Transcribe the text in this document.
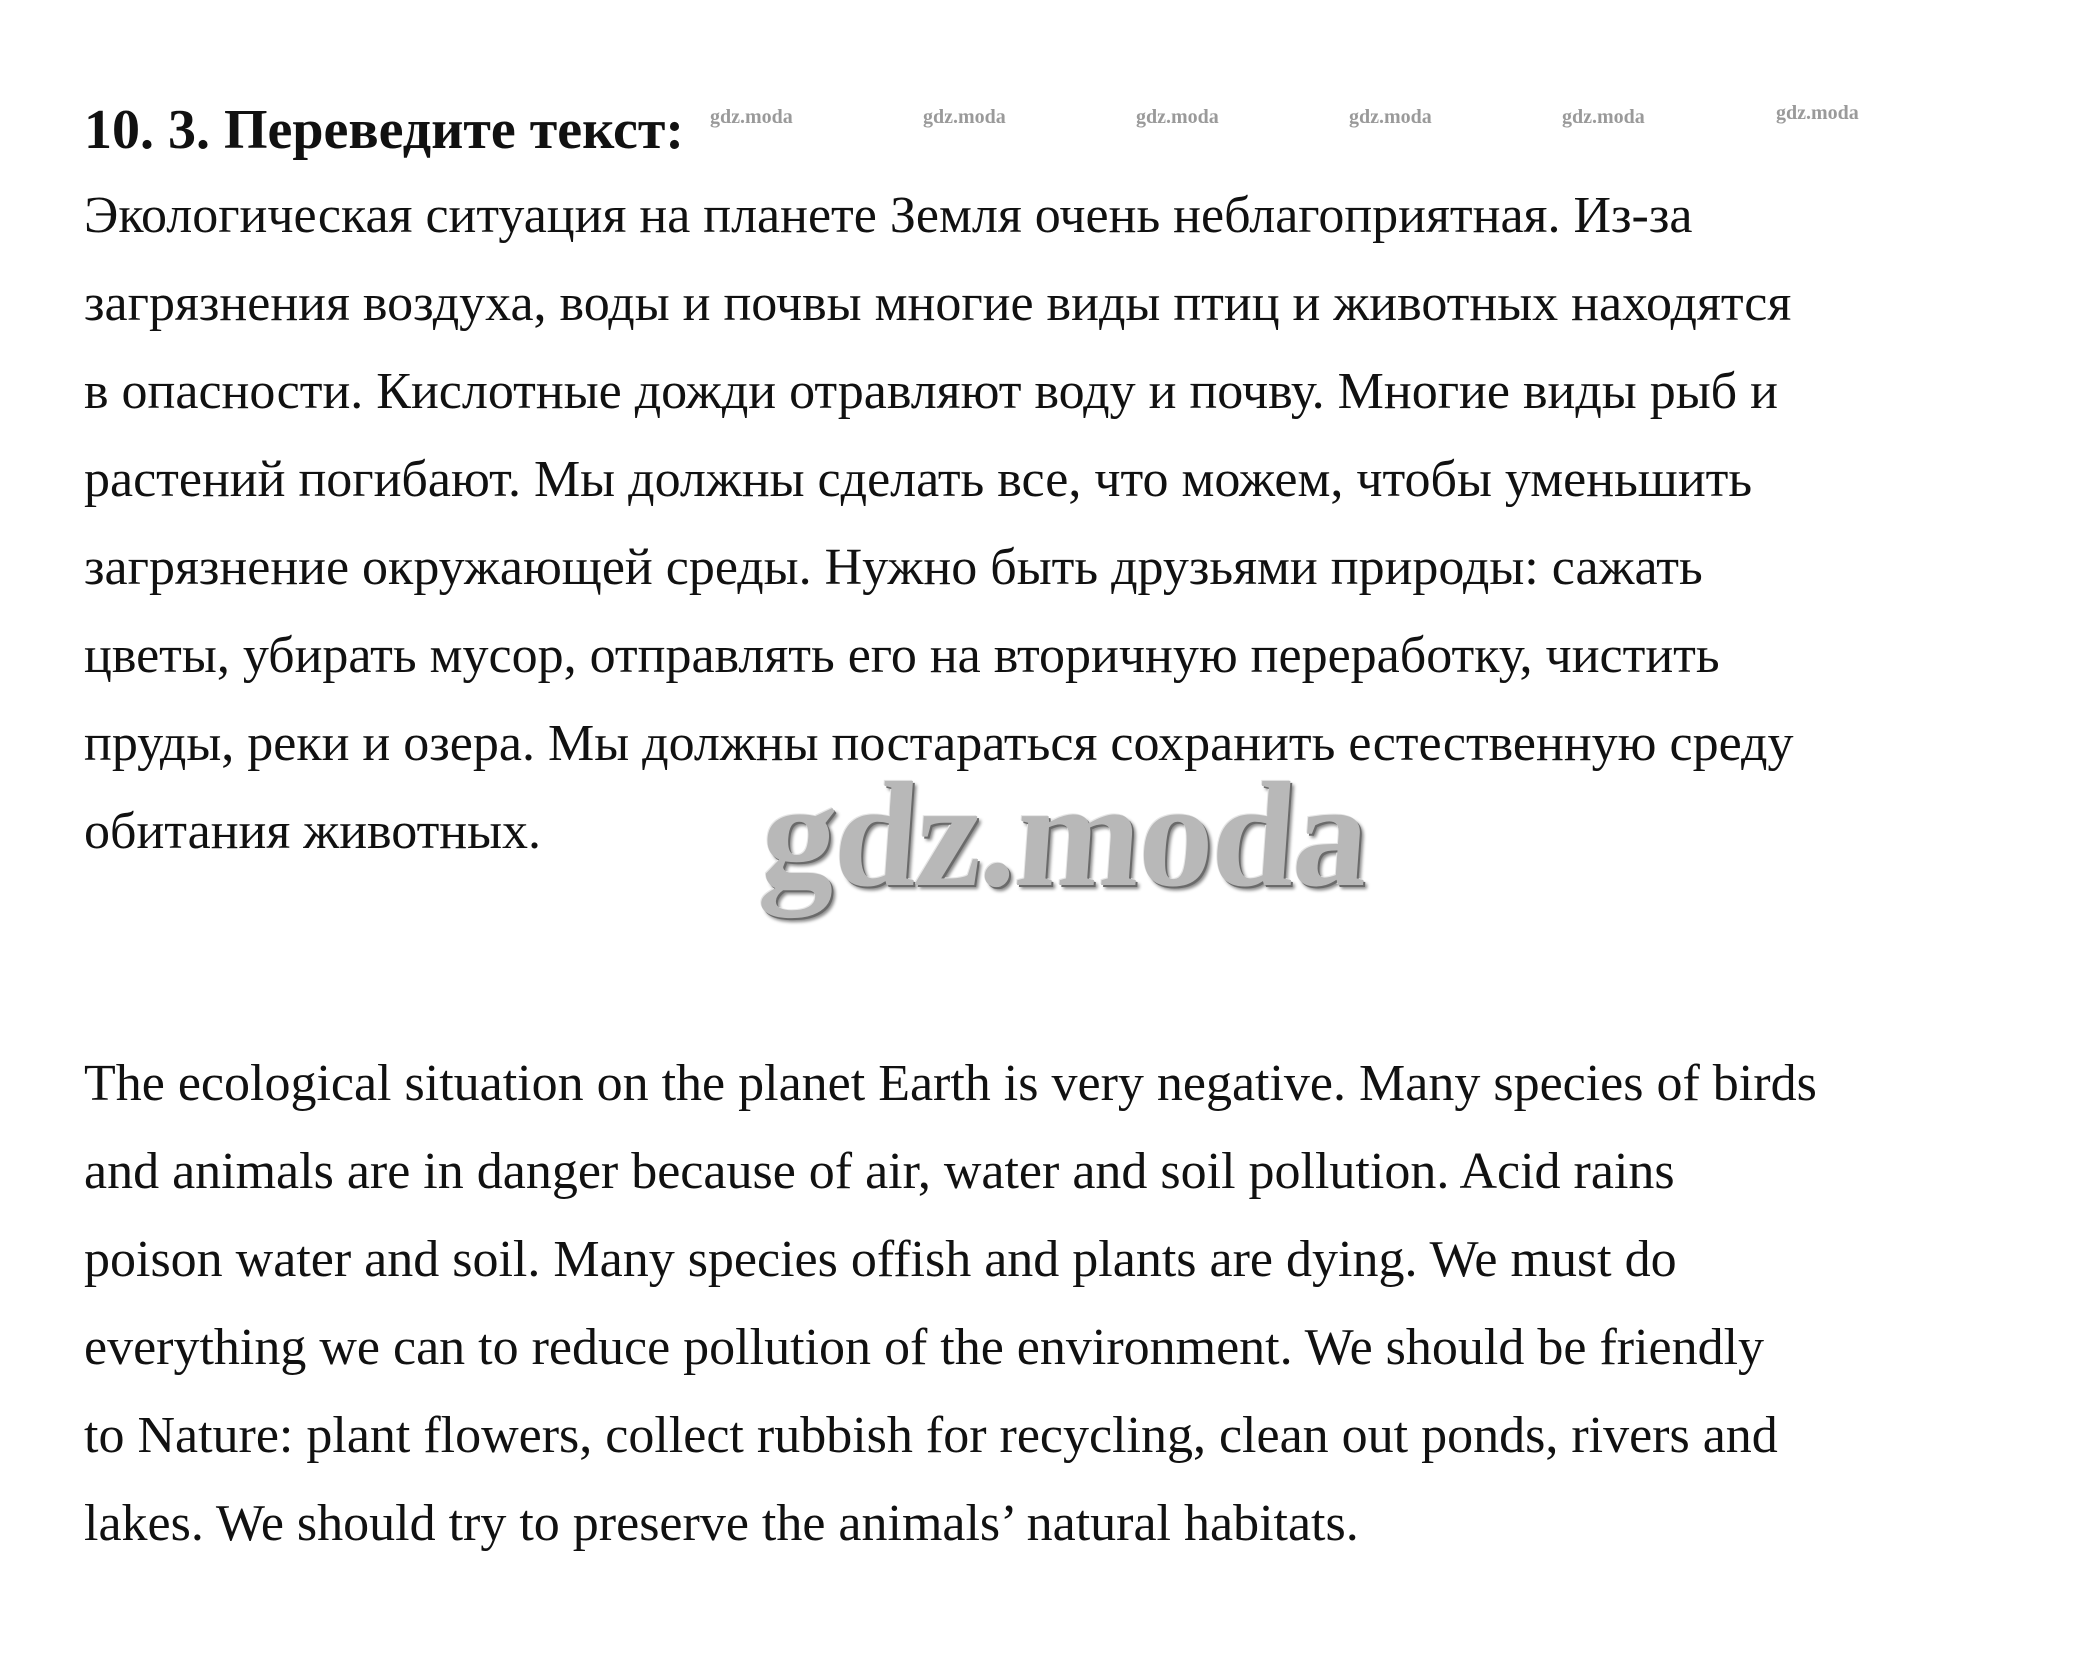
10. 3. Переведите текст: gdz.moda	gdz.moda	gdz.moda	gdz.moda	gdz.moda	gdz.moda
Экологическая ситуация на планете Земля очень неблагоприятная. Из-за
загрязнения воздуха, воды и почвы многие виды птиц и животных находятся
в опасности. Кислотные дожди отравляют воду и почву. Многие виды рыб и
растений погибают. Мы должны сделать все, что можем, чтобы уменьшить
загрязнение окружающей среды. Нужно быть друзьями природы: сажать
цветы, убирать мусор, отправлять его на вторичную переработку, чистить
пруды, реки и озера. Мы должны постараться сохранить естественную среду
обитания животных.	gdz.moda
The ecological situation on the planet Earth is very negative. Many species of birds
and animals are in danger because of air, water and soil pollution. Acid rains
poison water and soil. Many species offish and plants are dying. We must do
everything we can to reduce pollution of the environment. We should be friendly
to Nature: plant flowers, collect rubbish for recycling, clean out ponds, rivers and
lakes. We should try to preserve the animals’ natural habitats.
